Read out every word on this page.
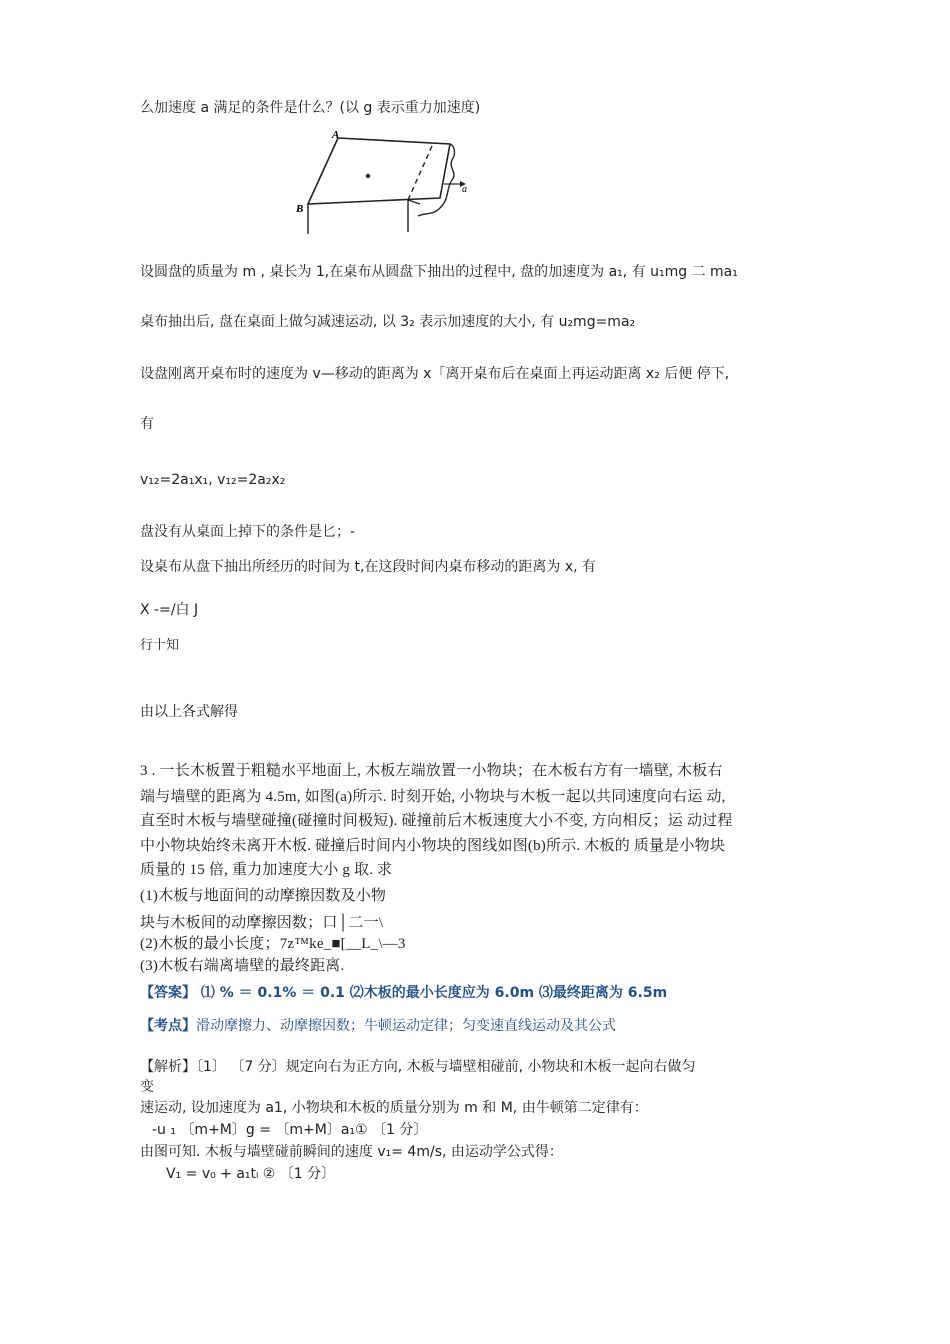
么加速度 a 满足的条件是什么？(以 g 表示重力加速度)
A
B
a
设圆盘的质量为 m , 桌长为 1,在桌布从圆盘下抽出的过程中, 盘的加速度为 a₁, 有 u₁mg 二 ma₁
桌布抽出后, 盘在桌面上做匀减速运动, 以 3₂ 表示加速度的大小, 有 u₂mg=ma₂
设盘刚离开桌布时的速度为 v—移动的距离为 x「离开桌布后在桌面上再运动距离 x₂ 后便 停下,
有
v₁₂=2a₁x₁, v₁₂=2a₂x₂
盘没有从桌面上掉下的条件是匕；-
设桌布从盘下抽出所经历的时间为 t,在这段时间内桌布移动的距离为 x, 有
X -=/白 J
行十知
由以上各式解得
3 . 一长木板置于粗糙水平地面上, 木板左端放置一小物块；在木板右方有一墙壁, 木板右
端与墙壁的距离为 4.5m, 如图(a)所示. 时刻开始, 小物块与木板一起以共同速度向右运 动,
直至时木板与墙壁碰撞(碰撞时间极短). 碰撞前后木板速度大小不变, 方向相反；运 动过程
中小物块始终未离开木板. 碰撞后时间内小物块的图线如图(b)所示. 木板的 质量是小物块
质量的 15 倍, 重力加速度大小 g 取. 求
(1)木板与地面间的动摩擦因数及小物
块与木板间的动摩擦因数；口│二一\
(2)木板的最小长度；7z™ke_■[__L_\—3
(3)木板右端离墙壁的最终距离.
【答案】 ⑴ % ＝ 0.1% ＝ 0.1 ⑵木板的最小长度应为 6.0m ⑶最终距离为 6.5m
【考点】滑动摩擦力、动摩擦因数；牛顿运动定律；匀变速直线运动及其公式
【解析】〔1〕 〔7 分〕规定向右为正方向, 木板与墙壁相碰前, 小物块和木板一起向右做匀
变
速运动, 设加速度为 a1, 小物块和木板的质量分别为 m 和 M, 由牛顿第二定律有：
-u ₁ 〔m+M〕g = 〔m+M〕a₁① 〔1 分〕
由图可知. 木板与墙壁碰前瞬间的速度 v₁= 4m/s, 由运动学公式得：
V₁ = v₀ + a₁tₗ ② 〔1 分〕
